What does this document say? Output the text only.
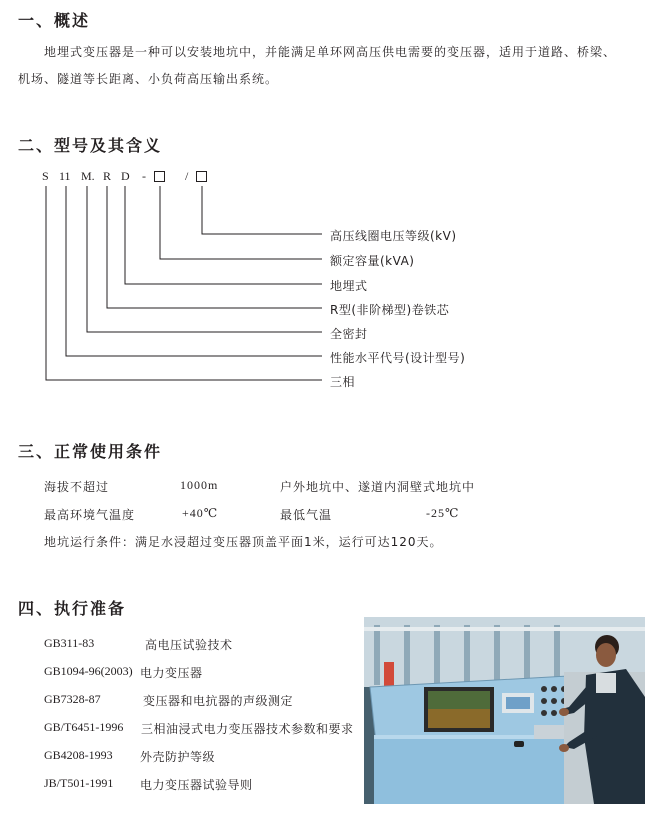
一、概述
地埋式变压器是一种可以安装地坑中，并能满足单环网高压供电需要的变压器，适用于道路、桥梁、
机场、隧道等长距离、小负荷高压输出系统。
二、型号及其含义
S 11 M. R D -	/
高压线圈电压等级(kV)
额定容量(kVA)
地埋式
R型(非阶梯型)卷铁芯
全密封
性能水平代号(设计型号)
三相
三、正常使用条件
海拔不超过	1000m	户外地坑中、遂道内洞壁式地坑中
最高环境气温度	+40℃	最低气温	-25℃
地坑运行条件：满足水浸超过变压器顶盖平面1米，运行可达120天。
四、执行准备
GB311-83	高电压试验技术
GB1094-96(2003) 电力变压器
GB7328-87	变压器和电抗器的声级测定
GB/T6451-1996 三相油浸式电力变压器技术参数和要求
GB4208-1993 外壳防护等级
JB/T501-1991 电力变压器试验导则
